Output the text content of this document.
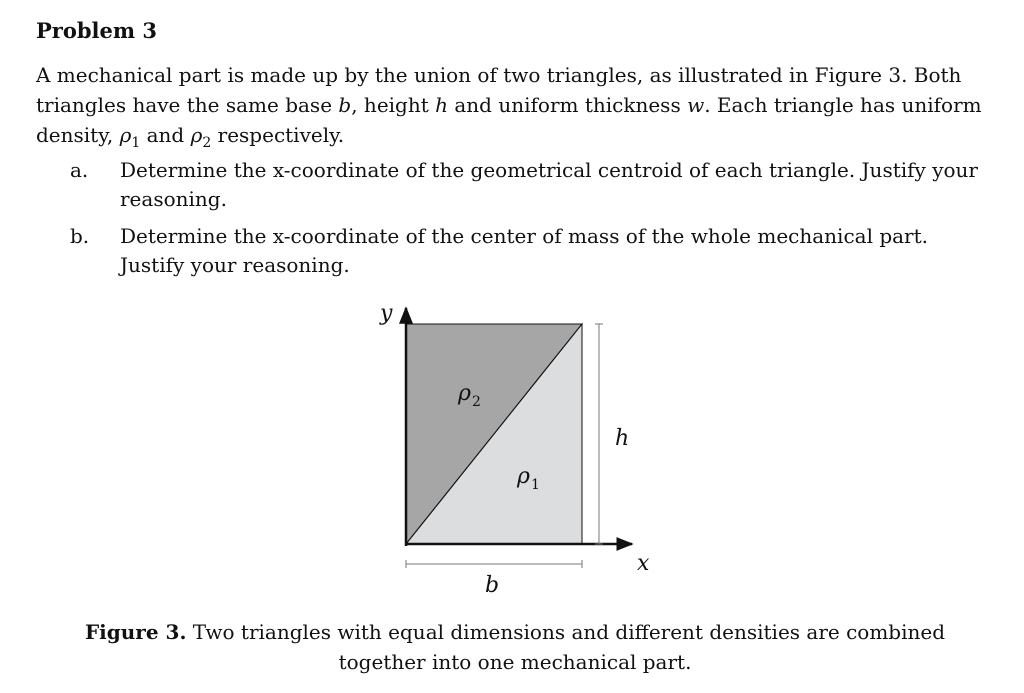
Problem 3
A mechanical part is made up by the union of two triangles, as illustrated in Figure 3. Both triangles have the same base b, height h and uniform thickness w. Each triangle has uniform density, $\rho_1$ and $\rho_2$ respectively.
a. Determine the x-coordinate of the geometrical centroid of each triangle. Justify your reasoning.
b. Determine the x-coordinate of the center of mass of the whole mechanical part. Justify your reasoning.
y
x
ρ 2
ρ 1
h
b
Figure 3. Two triangles with equal dimensions and different densities are combined together into one mechanical part.
